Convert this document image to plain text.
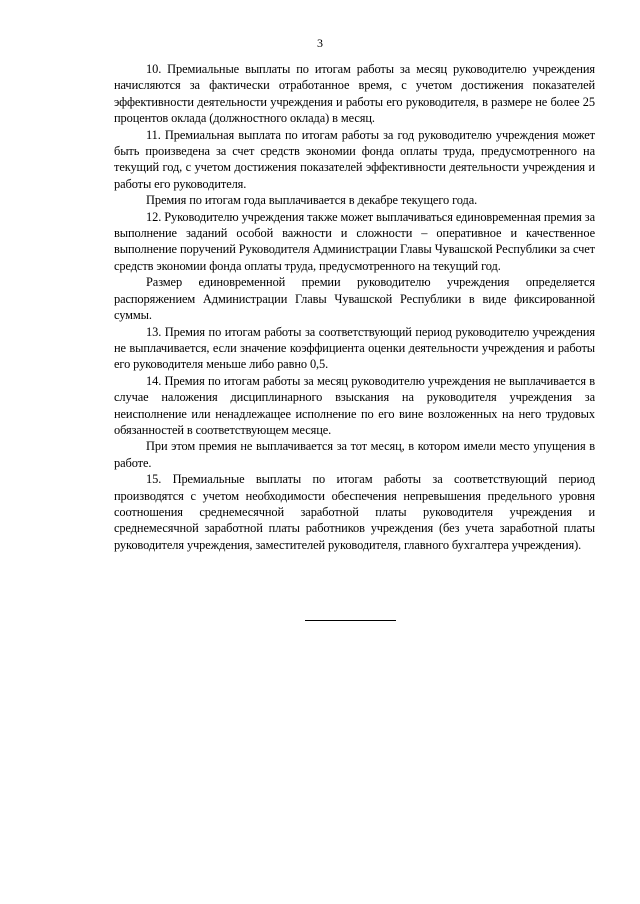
3

10. Премиальные выплаты по итогам работы за месяц руководителю учреждения начисляются за фактически отработанное время, с учетом достижения показателей эффективности деятельности учреждения и работы его руководителя, в размере не более 25 процентов оклада (должностного оклада) в месяц.

11. Премиальная выплата по итогам работы за год руководителю учреждения может быть произведена за счет средств экономии фонда оплаты труда, предусмотренного на текущий год, с учетом достижения показателей эффективности деятельности учреждения и работы его руководителя.

Премия по итогам года выплачивается в декабре текущего года.

12. Руководителю учреждения также может выплачиваться единовременная премия за выполнение заданий особой важности и сложности – оперативное и качественное выполнение поручений Руководителя Администрации Главы Чувашской Республики за счет средств экономии фонда оплаты труда, предусмотренного на текущий год.

Размер единовременной премии руководителю учреждения определяется распоряжением Администрации Главы Чувашской Республики в виде фиксированной суммы.

13. Премия по итогам работы за соответствующий период руководителю учреждения не выплачивается, если значение коэффициента оценки деятельности учреждения и работы его руководителя меньше либо равно 0,5.

14. Премия по итогам работы за месяц руководителю учреждения не выплачивается в случае наложения дисциплинарного взыскания на руководителя учреждения за неисполнение или ненадлежащее исполнение по его вине возложенных на него трудовых обязанностей в соответствующем месяце.

При этом премия не выплачивается за тот месяц, в котором имели место упущения в работе.

15. Премиальные выплаты по итогам работы за соответствующий период производятся с учетом необходимости обеспечения непревышения предельного уровня соотношения среднемесячной заработной платы руководителя учреждения и среднемесячной заработной платы работников учреждения (без учета заработной платы руководителя учреждения, заместителей руководителя, главного бухгалтера учреждения).
